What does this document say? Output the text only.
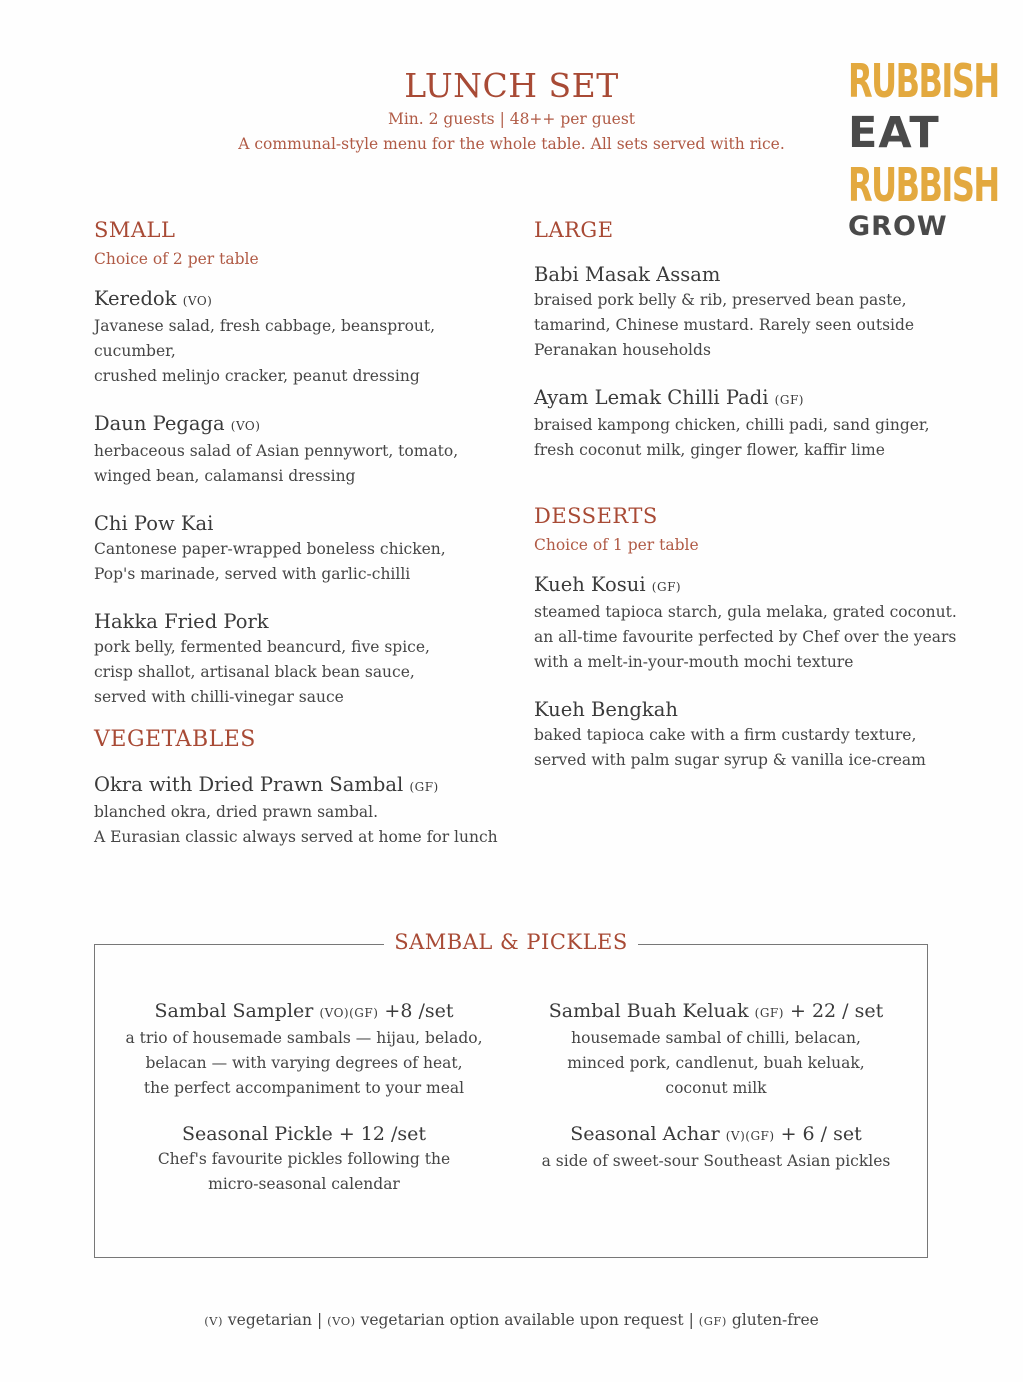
LUNCH SET
Min. 2 guests | 48++ per guest
A communal-style menu for the whole table. All sets served with rice.
RUBBISH
EAT
RUBBISH
GROW
SMALL
Choice of 2 per table
Keredok (VO)
Javanese salad, fresh cabbage, beansprout, cucumber,
crushed melinjo cracker, peanut dressing
Daun Pegaga (VO)
herbaceous salad of Asian pennywort, tomato,
winged bean, calamansi dressing
Chi Pow Kai
Cantonese paper-wrapped boneless chicken,
Pop's marinade, served with garlic-chilli
Hakka Fried Pork
pork belly, fermented beancurd, five spice,
crisp shallot, artisanal black bean sauce,
served with chilli-vinegar sauce
VEGETABLES
Okra with Dried Prawn Sambal (GF)
blanched okra, dried prawn sambal.
A Eurasian classic always served at home for lunch
LARGE
Babi Masak Assam
braised pork belly & rib, preserved bean paste,
tamarind, Chinese mustard. Rarely seen outside
Peranakan households
Ayam Lemak Chilli Padi (GF)
braised kampong chicken, chilli padi, sand ginger,
fresh coconut milk, ginger flower, kaffir lime
DESSERTS
Choice of 1 per table
Kueh Kosui (GF)
steamed tapioca starch, gula melaka, grated coconut.
an all-time favourite perfected by Chef over the years
with a melt-in-your-mouth mochi texture
Kueh Bengkah
baked tapioca cake with a firm custardy texture,
served with palm sugar syrup & vanilla ice-cream
SAMBAL & PICKLES
Sambal Sampler (VO)(GF) +8 /set
a trio of housemade sambals — hijau, belado,
belacan — with varying degrees of heat,
the perfect accompaniment to your meal
Sambal Buah Keluak (GF) + 22 / set
housemade sambal of chilli, belacan,
minced pork, candlenut, buah keluak,
coconut milk
Seasonal Pickle + 12 /set
Chef's favourite pickles following the
micro-seasonal calendar
Seasonal Achar (V)(GF) + 6 / set
a side of sweet-sour Southeast Asian pickles
(V) vegetarian | (VO) vegetarian option available upon request | (GF) gluten-free
